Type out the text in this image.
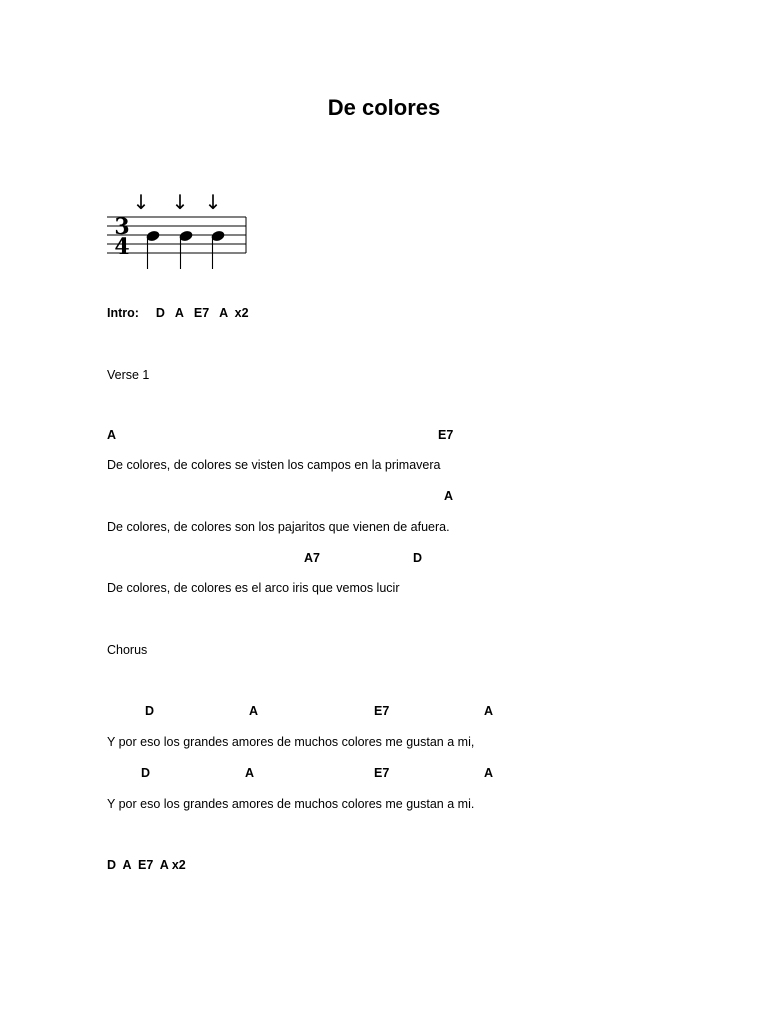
De colores
↓ ↓ ↓
3
4
Intro: D   A   E7   A  x2
Verse 1
A	E7
De colores, de colores se visten los campos en la primavera
A
De colores, de colores son los pajaritos que vienen de afuera.
A7	D
De colores, de colores es el arco iris que vemos lucir
Chorus
D	A	E7	A
Y por eso los grandes amores de muchos colores me gustan a mi,
D	A	E7	A
Y por eso los grandes amores de muchos colores me gustan a mi.
D  A  E7  A x2
